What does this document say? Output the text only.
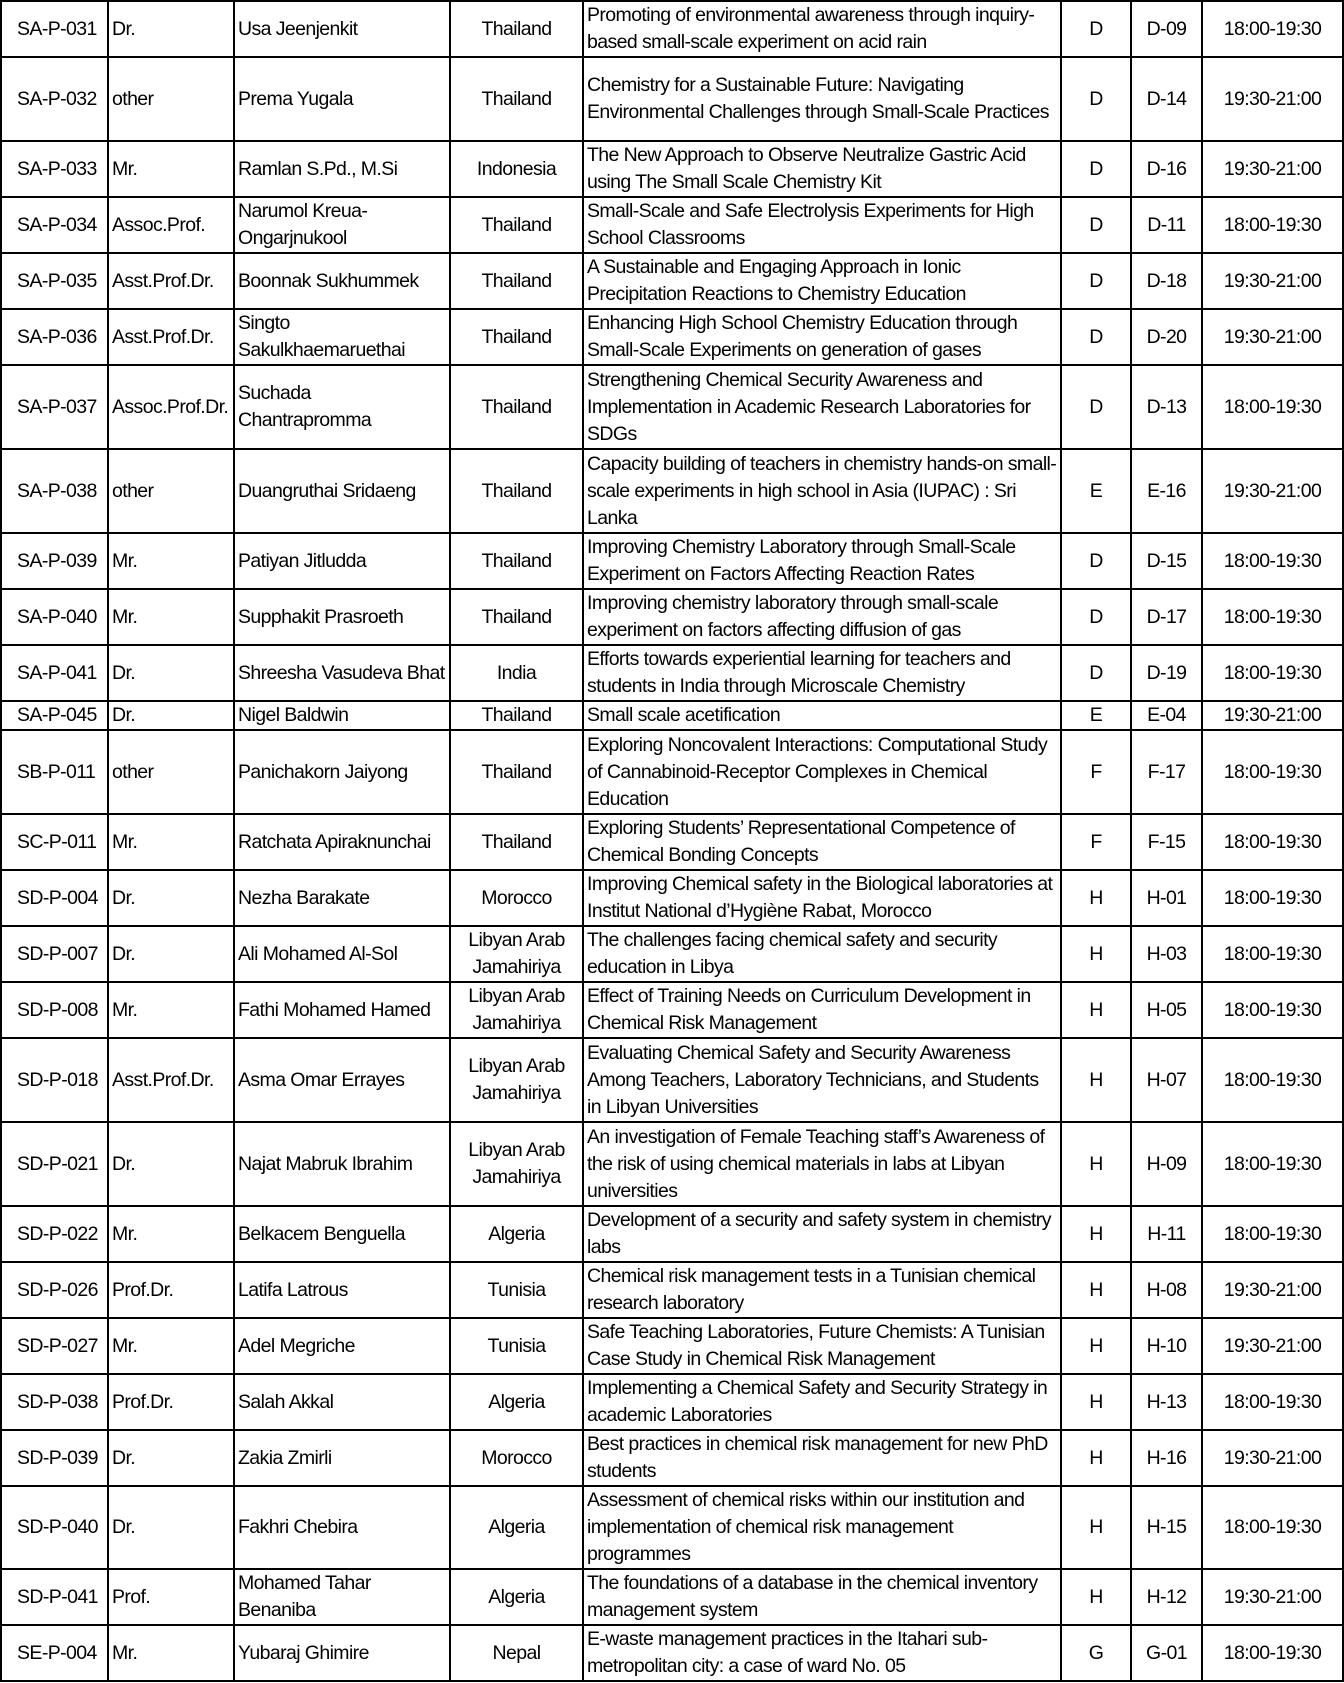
SA-P-031	Dr.	Usa Jeenjenkit	Thailand	Promoting of environmental awareness through inquiry-based small-scale experiment on acid rain	D	D-09	18:00-19:30
SA-P-032	other	Prema Yugala	Thailand	Chemistry for a Sustainable Future: Navigating Environmental Challenges through Small-Scale Practices	D	D-14	19:30-21:00
SA-P-033	Mr.	Ramlan S.Pd., M.Si	Indonesia	The New Approach to Observe Neutralize Gastric Acid using The Small Scale Chemistry Kit	D	D-16	19:30-21:00
SA-P-034	Assoc.Prof.	Narumol Kreua-Ongarjnukool	Thailand	Small-Scale and Safe Electrolysis Experiments for High School Classrooms	D	D-11	18:00-19:30
SA-P-035	Asst.Prof.Dr.	Boonnak Sukhummek	Thailand	A Sustainable and Engaging Approach in Ionic Precipitation Reactions to Chemistry Education	D	D-18	19:30-21:00
SA-P-036	Asst.Prof.Dr.	Singto Sakulkhaemaruethai	Thailand	Enhancing High School Chemistry Education through Small-Scale Experiments on generation of gases	D	D-20	19:30-21:00
SA-P-037	Assoc.Prof.Dr.	Suchada Chantrapromma	Thailand	Strengthening Chemical Security Awareness and Implementation in Academic Research Laboratories for SDGs	D	D-13	18:00-19:30
SA-P-038	other	Duangruthai Sridaeng	Thailand	Capacity building of teachers in chemistry hands-on small-scale experiments in high school in Asia (IUPAC) : Sri Lanka	E	E-16	19:30-21:00
SA-P-039	Mr.	Patiyan Jitludda	Thailand	Improving Chemistry Laboratory through Small-Scale Experiment on Factors Affecting Reaction Rates	D	D-15	18:00-19:30
SA-P-040	Mr.	Supphakit Prasroeth	Thailand	Improving chemistry laboratory through small-scale experiment on factors affecting diffusion of gas	D	D-17	18:00-19:30
SA-P-041	Dr.	Shreesha Vasudeva Bhat	India	Efforts towards experiential learning for teachers and students in India through Microscale Chemistry	D	D-19	18:00-19:30
SA-P-045	Dr.	Nigel Baldwin	Thailand	Small scale acetification	E	E-04	19:30-21:00
SB-P-011	other	Panichakorn Jaiyong	Thailand	Exploring Noncovalent Interactions: Computational Study of Cannabinoid-Receptor Complexes in Chemical Education	F	F-17	18:00-19:30
SC-P-011	Mr.	Ratchata Apiraknunchai	Thailand	Exploring Students’ Representational Competence of Chemical Bonding Concepts	F	F-15	18:00-19:30
SD-P-004	Dr.	Nezha Barakate	Morocco	Improving Chemical safety in the Biological laboratories at Institut National d’Hygiène Rabat, Morocco	H	H-01	18:00-19:30
SD-P-007	Dr.	Ali Mohamed Al-Sol	Libyan Arab Jamahiriya	The challenges facing chemical safety and security education in Libya	H	H-03	18:00-19:30
SD-P-008	Mr.	Fathi Mohamed Hamed	Libyan Arab Jamahiriya	Effect of Training Needs on Curriculum Development in Chemical Risk Management	H	H-05	18:00-19:30
SD-P-018	Asst.Prof.Dr.	Asma Omar Errayes	Libyan Arab Jamahiriya	Evaluating Chemical Safety and Security Awareness Among Teachers, Laboratory Technicians, and Students in Libyan Universities	H	H-07	18:00-19:30
SD-P-021	Dr.	Najat Mabruk Ibrahim	Libyan Arab Jamahiriya	An investigation of Female Teaching staff’s Awareness of the risk of using chemical materials in labs at Libyan universities	H	H-09	18:00-19:30
SD-P-022	Mr.	Belkacem Benguella	Algeria	Development of a security and safety system in chemistry labs	H	H-11	18:00-19:30
SD-P-026	Prof.Dr.	Latifa Latrous	Tunisia	Chemical risk management tests in a Tunisian chemical research laboratory	H	H-08	19:30-21:00
SD-P-027	Mr.	Adel Megriche	Tunisia	Safe Teaching Laboratories, Future Chemists: A Tunisian Case Study in Chemical Risk Management	H	H-10	19:30-21:00
SD-P-038	Prof.Dr.	Salah Akkal	Algeria	Implementing a Chemical Safety and Security Strategy in academic Laboratories	H	H-13	18:00-19:30
SD-P-039	Dr.	Zakia Zmirli	Morocco	Best practices in chemical risk management for new PhD students	H	H-16	19:30-21:00
SD-P-040	Dr.	Fakhri Chebira	Algeria	Assessment of chemical risks within our institution and implementation of chemical risk management programmes	H	H-15	18:00-19:30
SD-P-041	Prof.	Mohamed Tahar Benaniba	Algeria	The foundations of a database in the chemical inventory management system	H	H-12	19:30-21:00
SE-P-004	Mr.	Yubaraj Ghimire	Nepal	E-waste management practices in the Itahari sub-metropolitan city: a case of ward No. 05	G	G-01	18:00-19:30
